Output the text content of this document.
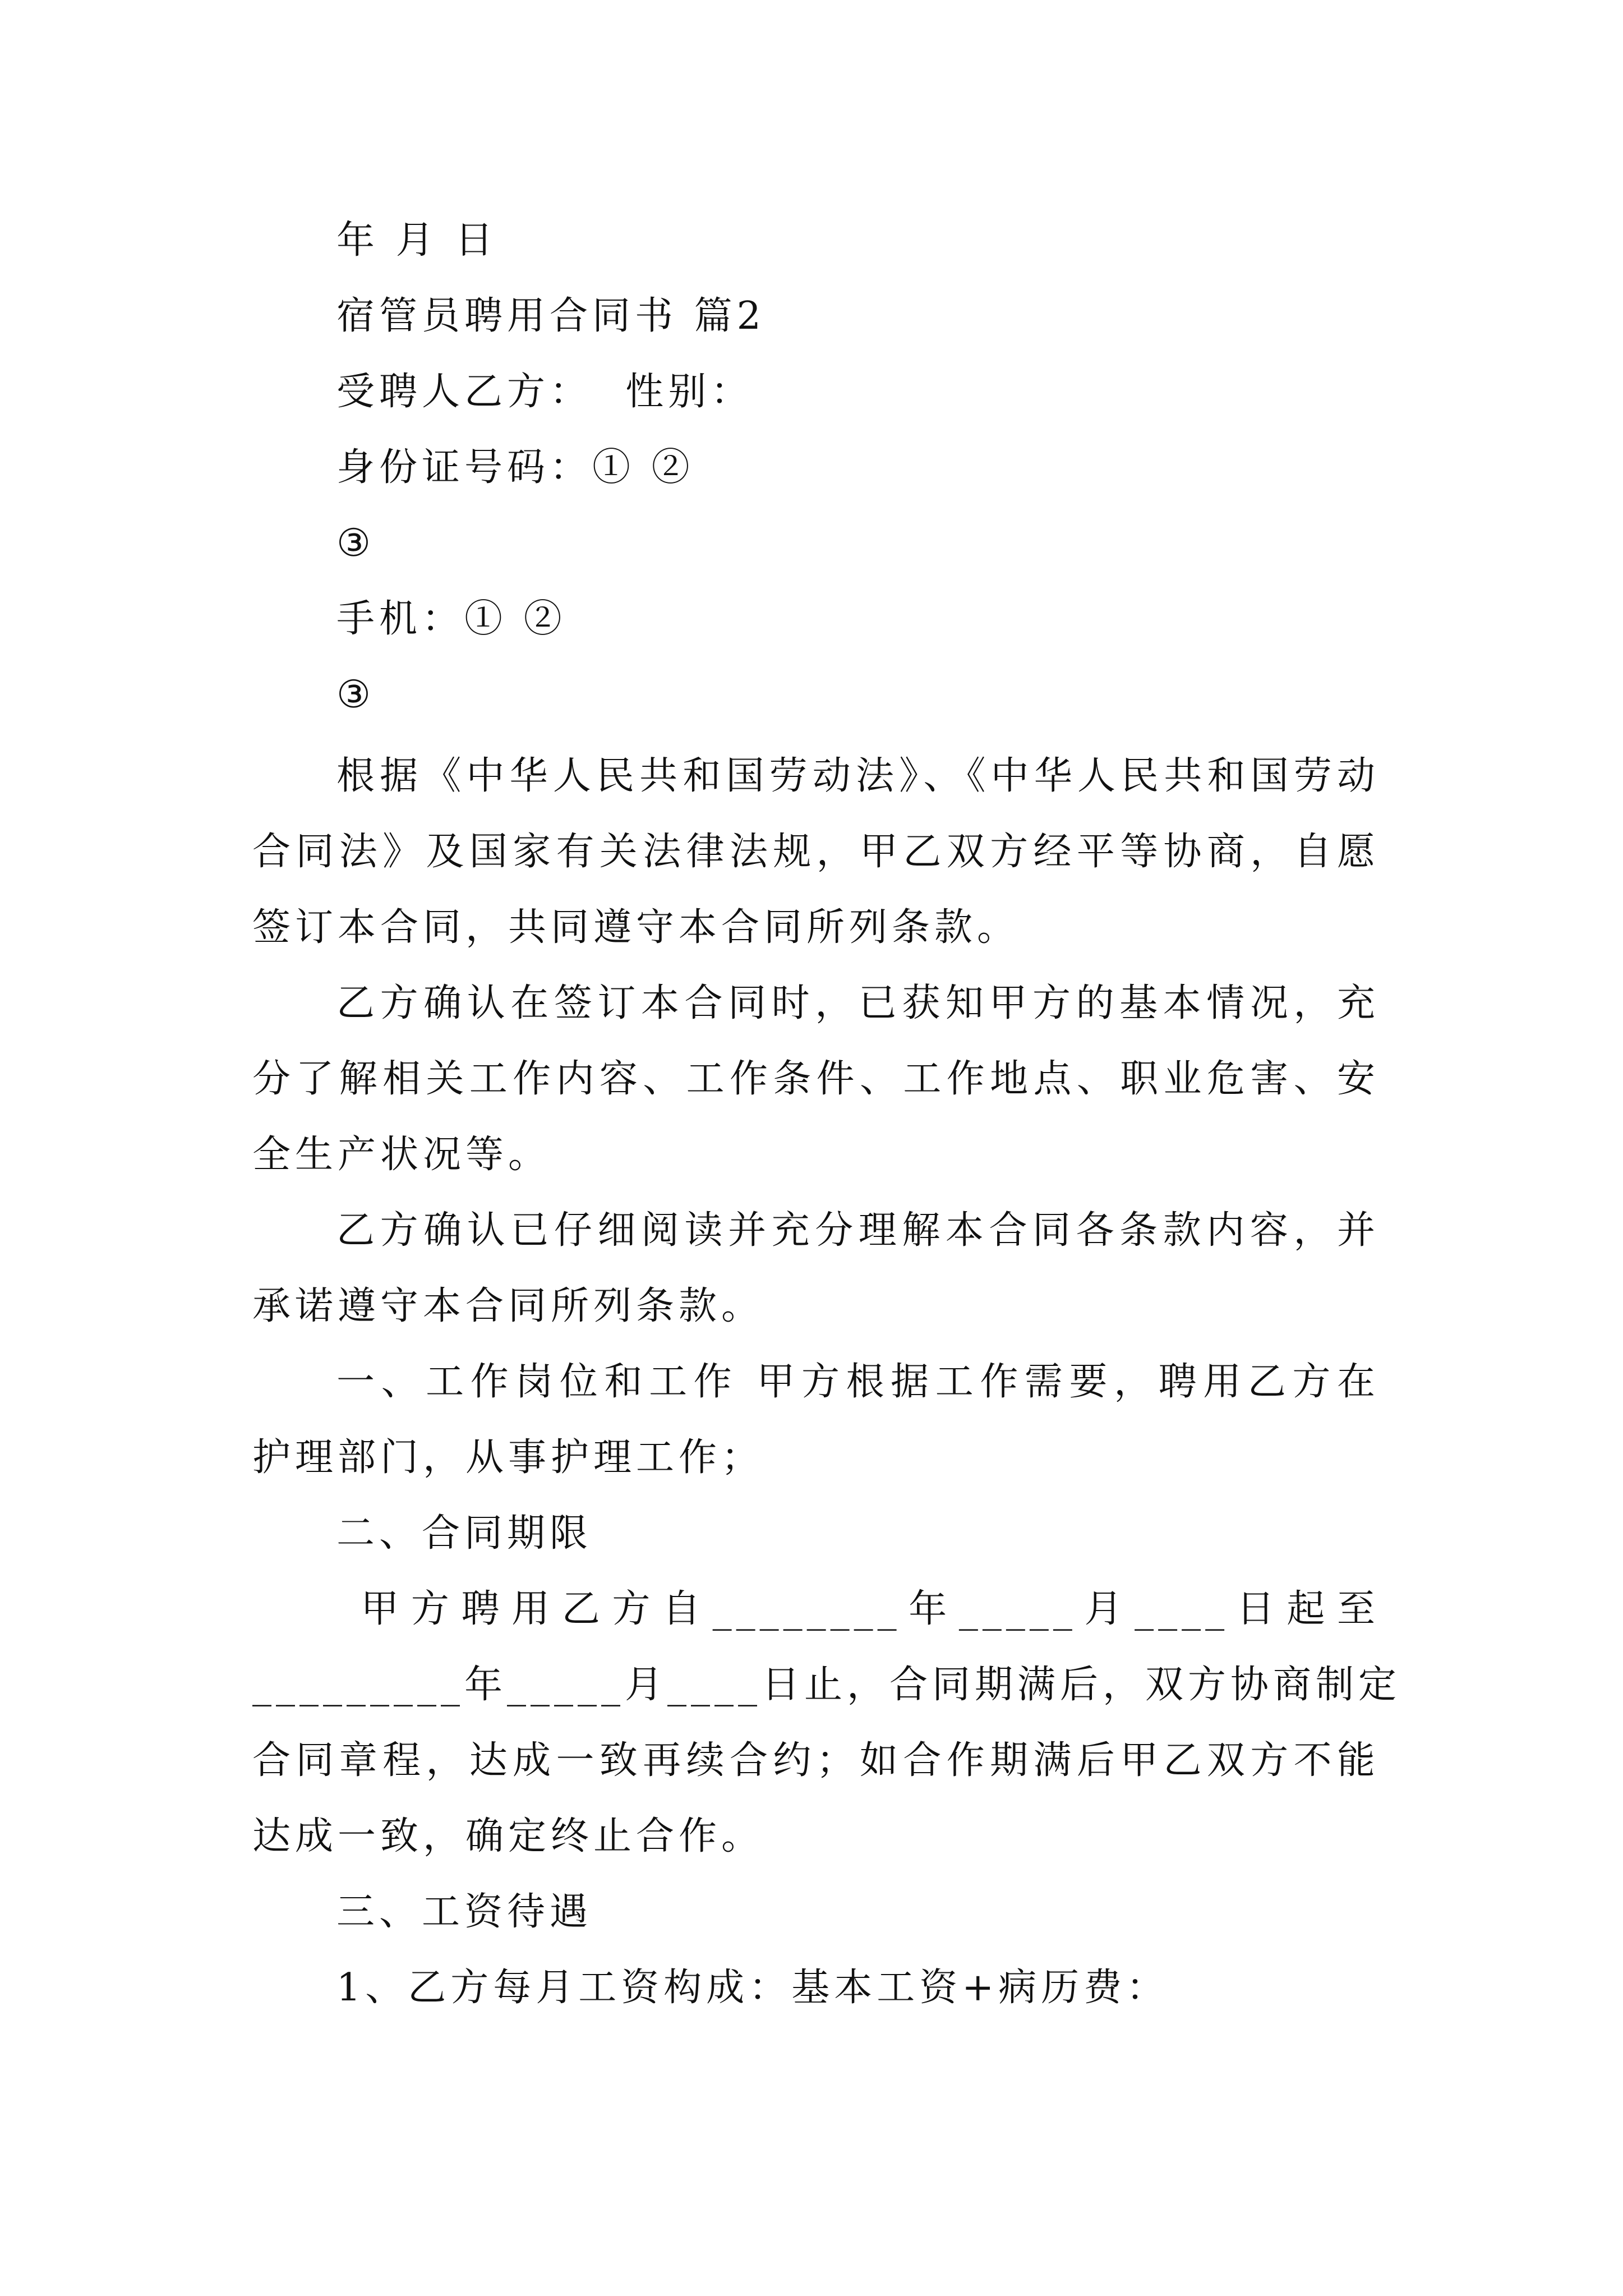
年 月 日
宿管员聘用合同书 篇2
受聘人乙方：  性别：
身份证号码：① ②
③
手机：① ②
③
根据《中华人民共和国劳动法》、《中华人民共和国劳动
合同法》及国家有关法律法规，甲乙双方经平等协商，自愿
签订本合同，共同遵守本合同所列条款。
乙方确认在签订本合同时，已获知甲方的基本情况，充
分了解相关工作内容、工作条件、工作地点、职业危害、安
全生产状况等。
乙方确认已仔细阅读并充分理解本合同各条款内容，并
承诺遵守本合同所列条款。
一、工作岗位和工作 甲方根据工作需要，聘用乙方在
护理部门，从事护理工作；
二、合同期限
甲方聘用乙方自________年_____月____日起至
_________年_____月____日止，合同期满后，双方协商制定
合同章程，达成一致再续合约；如合作期满后甲乙双方不能
达成一致，确定终止合作。
三、工资待遇
1、乙方每月工资构成：基本工资+病历费：
